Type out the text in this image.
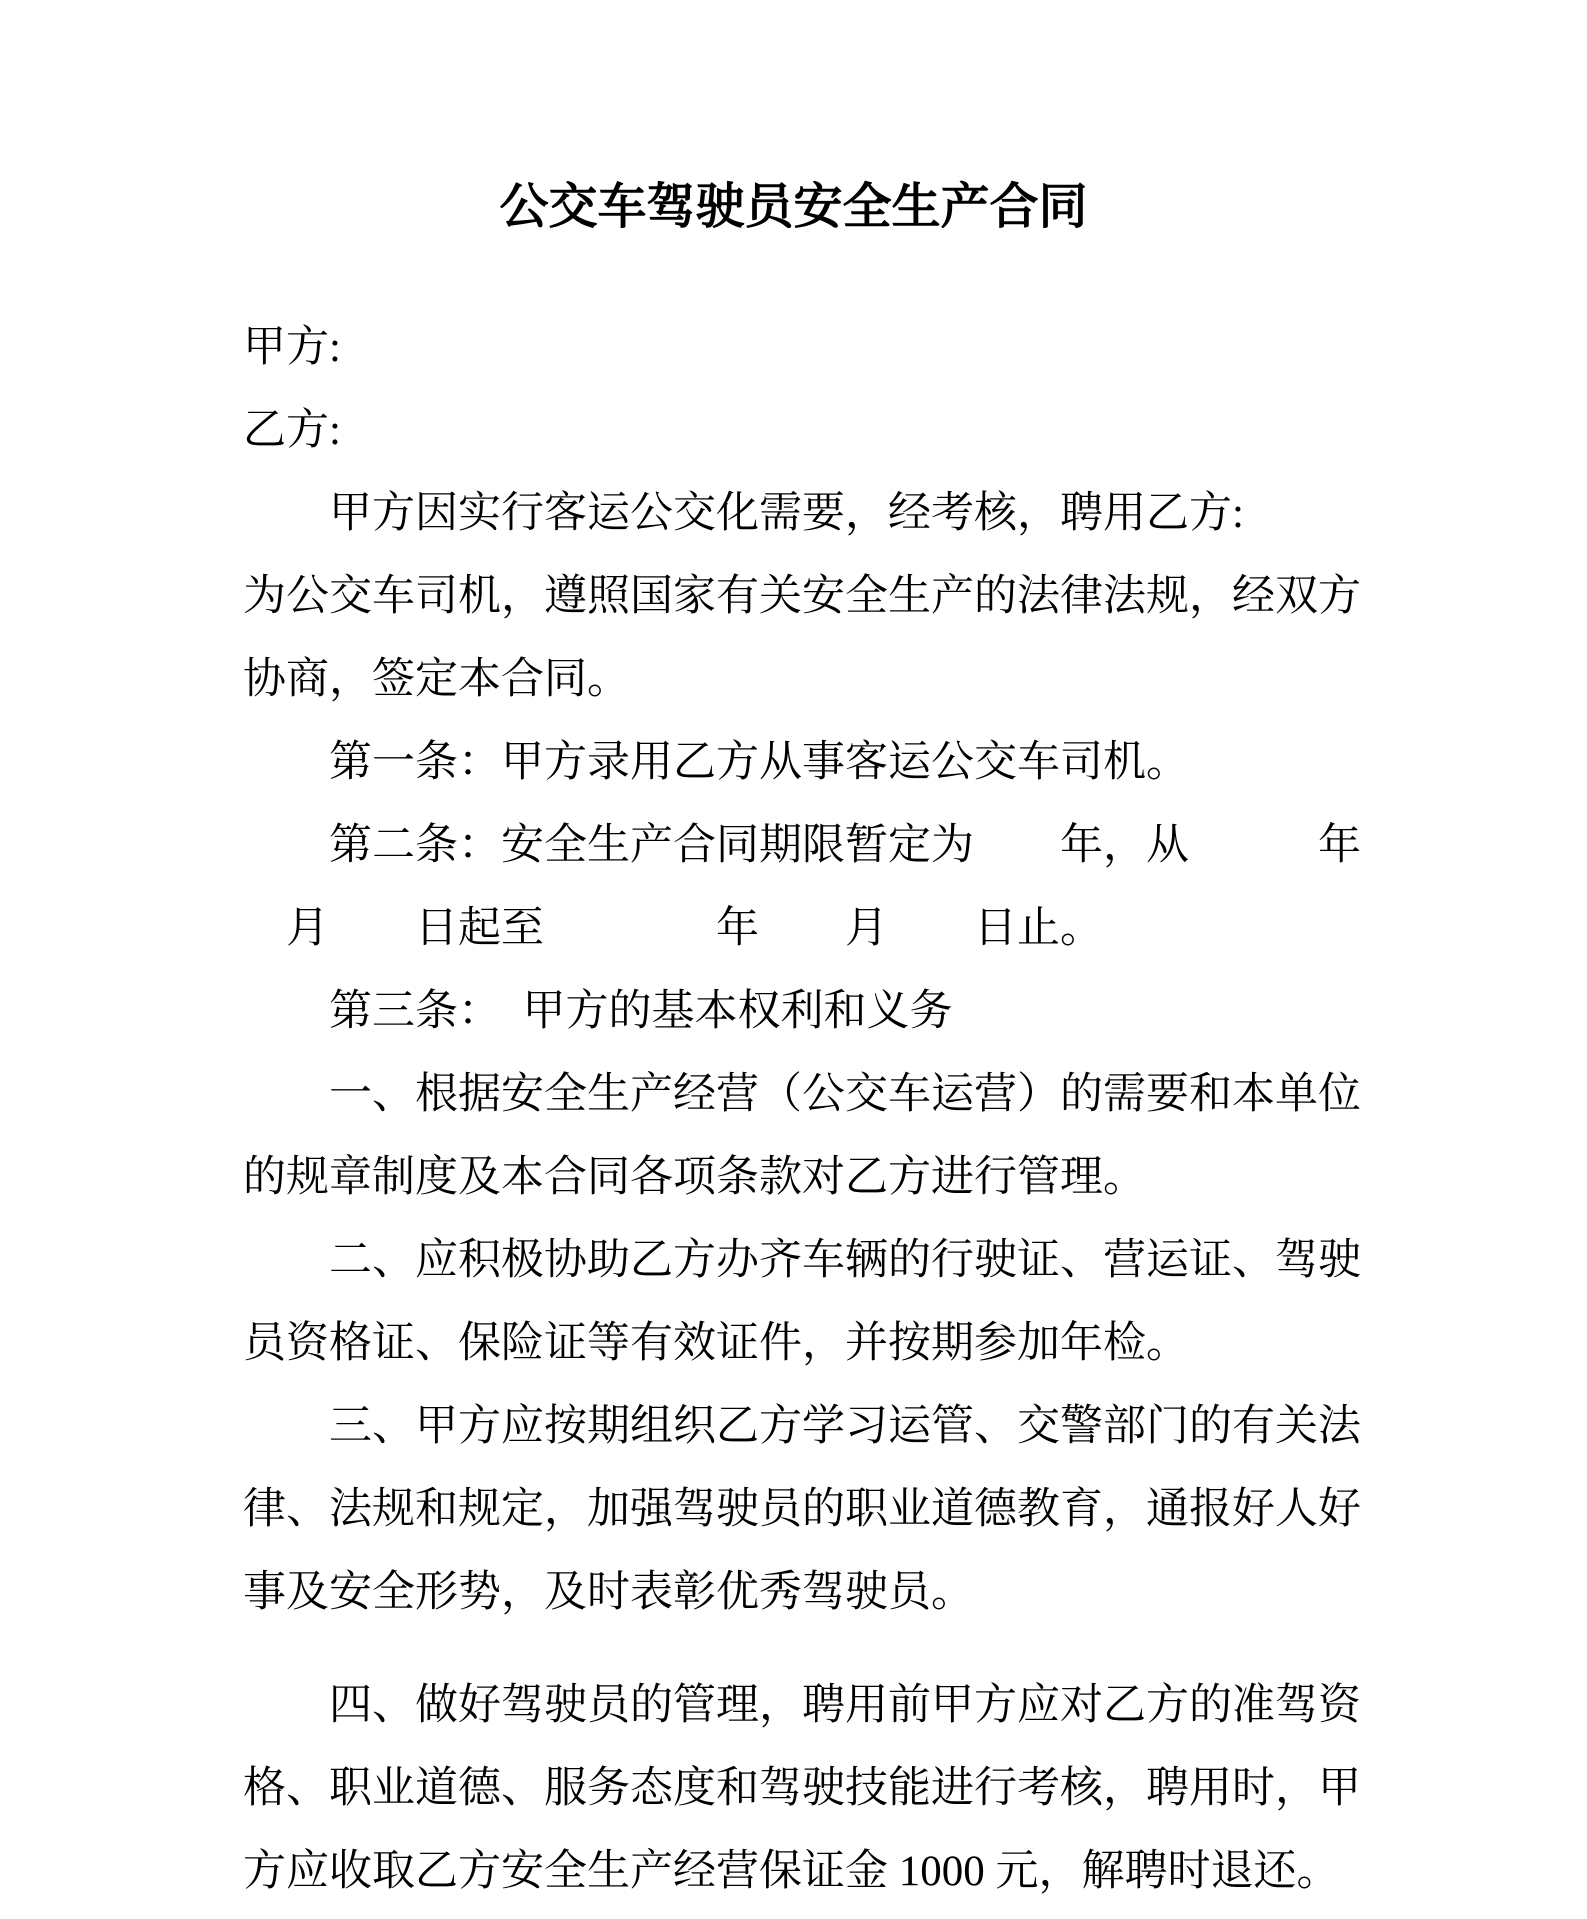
公交车驾驶员安全生产合同
甲方:
乙方:
甲方因实行客运公交化需要，经考核，聘用乙方:
为公交车司机，遵照国家有关安全生产的法律法规，经双方
协商，签定本合同。
第一条：甲方录用乙方从事客运公交车司机。
第二条：安全生产合同期限暂定为　　年，从　　　年
　月　　日起至　　　　年　　月　　日止。
第三条：　甲方的基本权利和义务
一、根据安全生产经营（公交车运营）的需要和本单位
的规章制度及本合同各项条款对乙方进行管理。
二、应积极协助乙方办齐车辆的行驶证、营运证、驾驶
员资格证、保险证等有效证件，并按期参加年检。
三、甲方应按期组织乙方学习运管、交警部门的有关法
律、法规和规定，加强驾驶员的职业道德教育，通报好人好
事及安全形势，及时表彰优秀驾驶员。
四、做好驾驶员的管理，聘用前甲方应对乙方的准驾资
格、职业道德、服务态度和驾驶技能进行考核，聘用时，甲
方应收取乙方安全生产经营保证金 1000 元，解聘时退还。
